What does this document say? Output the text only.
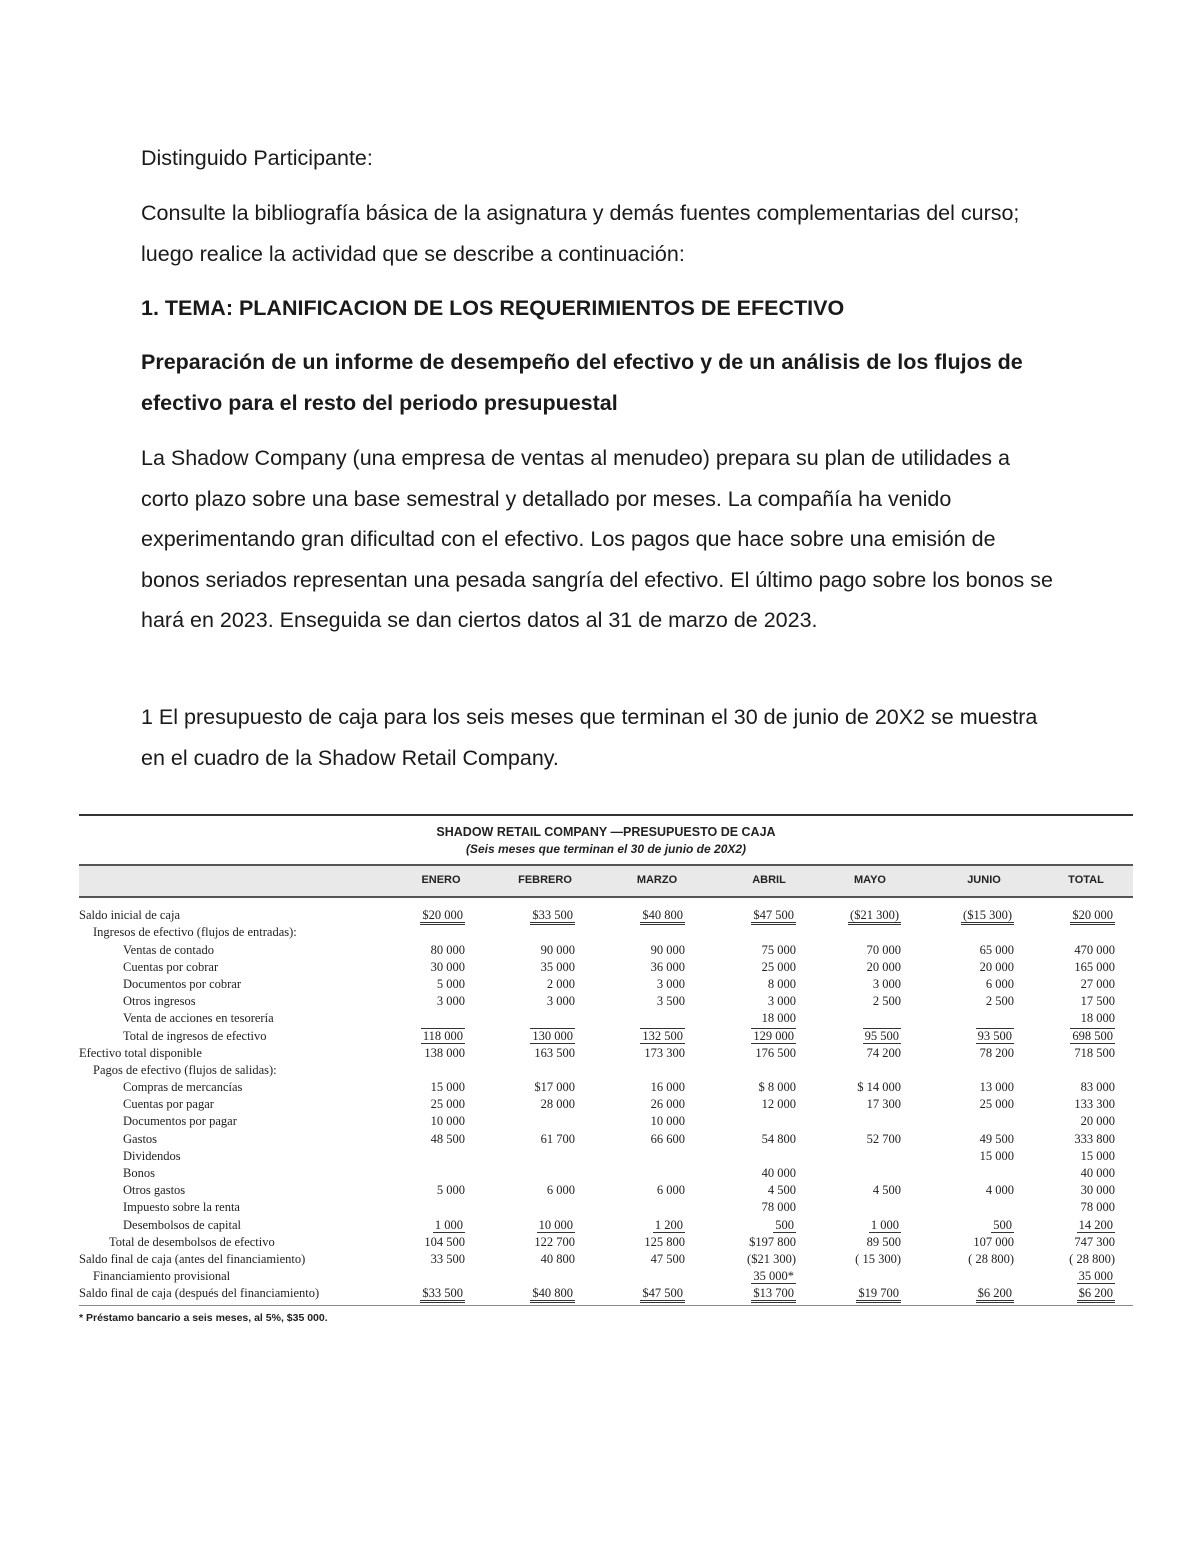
Distinguido Participante:

Consulte la bibliografía básica de la asignatura y demás fuentes complementarias del curso; luego realice la actividad que se describe a continuación:

1. TEMA: PLANIFICACION DE LOS REQUERIMIENTOS DE EFECTIVO

Preparación de un informe de desempeño del efectivo y de un análisis de los flujos de efectivo para el resto del periodo presupuestal

La Shadow Company (una empresa de ventas al menudeo) prepara su plan de utilidades a corto plazo sobre una base semestral y detallado por meses. La compañía ha venido experimentando gran dificultad con el efectivo. Los pagos que hace sobre una emisión de bonos seriados representan una pesada sangría del efectivo. El último pago sobre los bonos se hará en 2023. Enseguida se dan ciertos datos al 31 de marzo de 2023.

1 El presupuesto de caja para los seis meses que terminan el 30 de junio de 20X2 se muestra en el cuadro de la Shadow Retail Company.

SHADOW RETAIL COMPANY —PRESUPUESTO DE CAJA
(Seis meses que terminan el 30 de junio de 20X2)
ENERO	FEBRERO	MARZO	ABRIL	MAYO	JUNIO	TOTAL
Saldo inicial de caja	$20 000	$33 500	$40 800	$47 500	($21 300)	($15 300)	$20 000	
Ingresos de efectivo (flujos de entradas):								
Ventas de contado	80 000	90 000	90 000	75 000	70 000	65 000	470 000	
Cuentas por cobrar	30 000	35 000	36 000	25 000	20 000	20 000	165 000	
Documentos por cobrar	5 000	2 000	3 000	8 000	3 000	6 000	27 000	
Otros ingresos	3 000	3 000	3 500	3 000	2 500	2 500	17 500	
Venta de acciones en tesorería				18 000			18 000	
Total de ingresos de efectivo	118 000	130 000	132 500	129 000	95 500	93 500	698 500	
Efectivo total disponible	138 000	163 500	173 300	176 500	74 200	78 200	718 500	
Pagos de efectivo (flujos de salidas):								
Compras de mercancías	15 000	$17 000	16 000	$ 8 000	$ 14 000	13 000	83 000	
Cuentas por pagar	25 000	28 000	26 000	12 000	17 300	25 000	133 300	
Documentos por pagar	10 000		10 000				20 000	
Gastos	48 500	61 700	66 600	54 800	52 700	49 500	333 800	
Dividendos						15 000	15 000	
Bonos				40 000			40 000	
Otros gastos	5 000	6 000	6 000	4 500	4 500	4 000	30 000	
Impuesto sobre la renta				78 000			78 000	
Desembolsos de capital	1 000	10 000	1 200	500	1 000	500	14 200	
Total de desembolsos de efectivo	104 500	122 700	125 800	$197 800	89 500	107 000	747 300	
Saldo final de caja (antes del financiamiento)	33 500	40 800	47 500	($21 300)	( 15 300)	( 28 800)	( 28 800)	
Financiamiento provisional				35 000*			35 000	
Saldo final de caja (después del financiamiento)	$33 500	$40 800	$47 500	$13 700	$19 700	$6 200	$6 200	
* Préstamo bancario a seis meses, al 5%, $35 000.
